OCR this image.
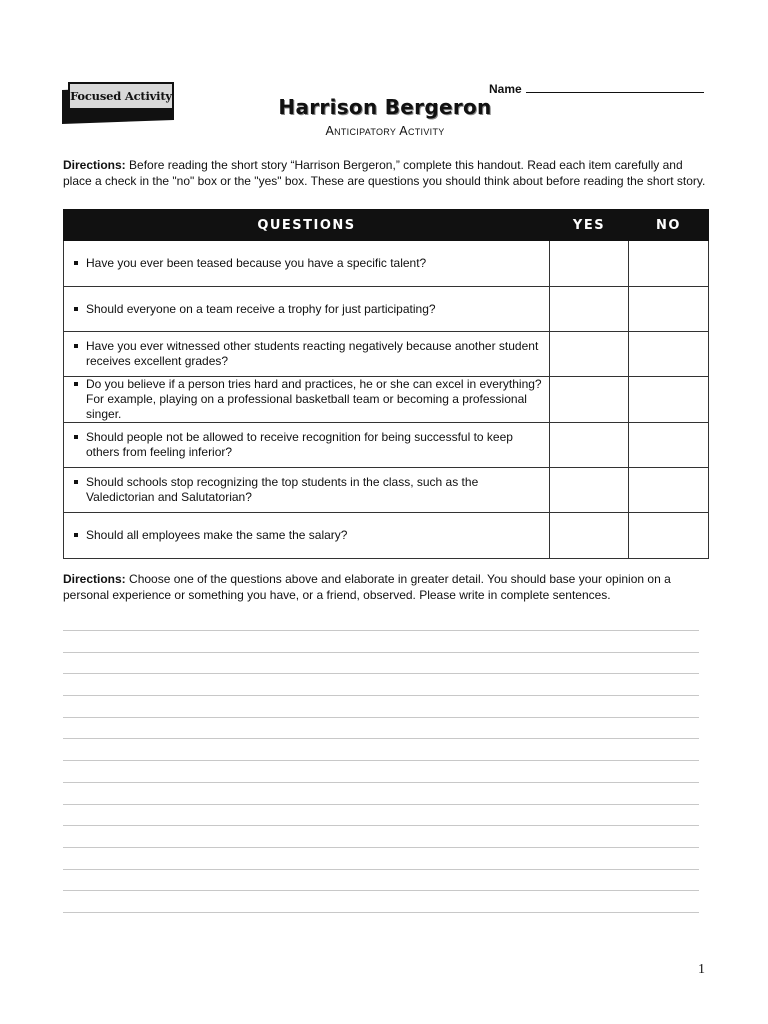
Focused Activity	Name
Harrison Bergeron
Anticipatory Activity
Directions: Before reading the short story “Harrison Bergeron,” complete this handout. Read each item carefully and place a check in the "no" box or the "yes" box. These are questions you should think about before reading the short story.
QUESTIONS	YES	NO

Have you ever been teased because you have a specific talent?		

Should everyone on a team receive a trophy for just participating?		

Have you ever witnessed other students reacting negatively because another student receives excellent grades?		

Do you believe if a person tries hard and practices, he or she can excel in everything? For example, playing on a professional basketball team or becoming a professional singer.		

Should people not be allowed to receive recognition for being successful to keep others from feeling inferior?		

Should schools stop recognizing the top students in the class, such as the Valedictorian and Salutatorian?		

Should all employees make the same the salary?		

Directions: Choose one of the questions above and elaborate in greater detail. You should base your opinion on a personal experience or something you have, or a friend, observed. Please write in complete sentences.
1
